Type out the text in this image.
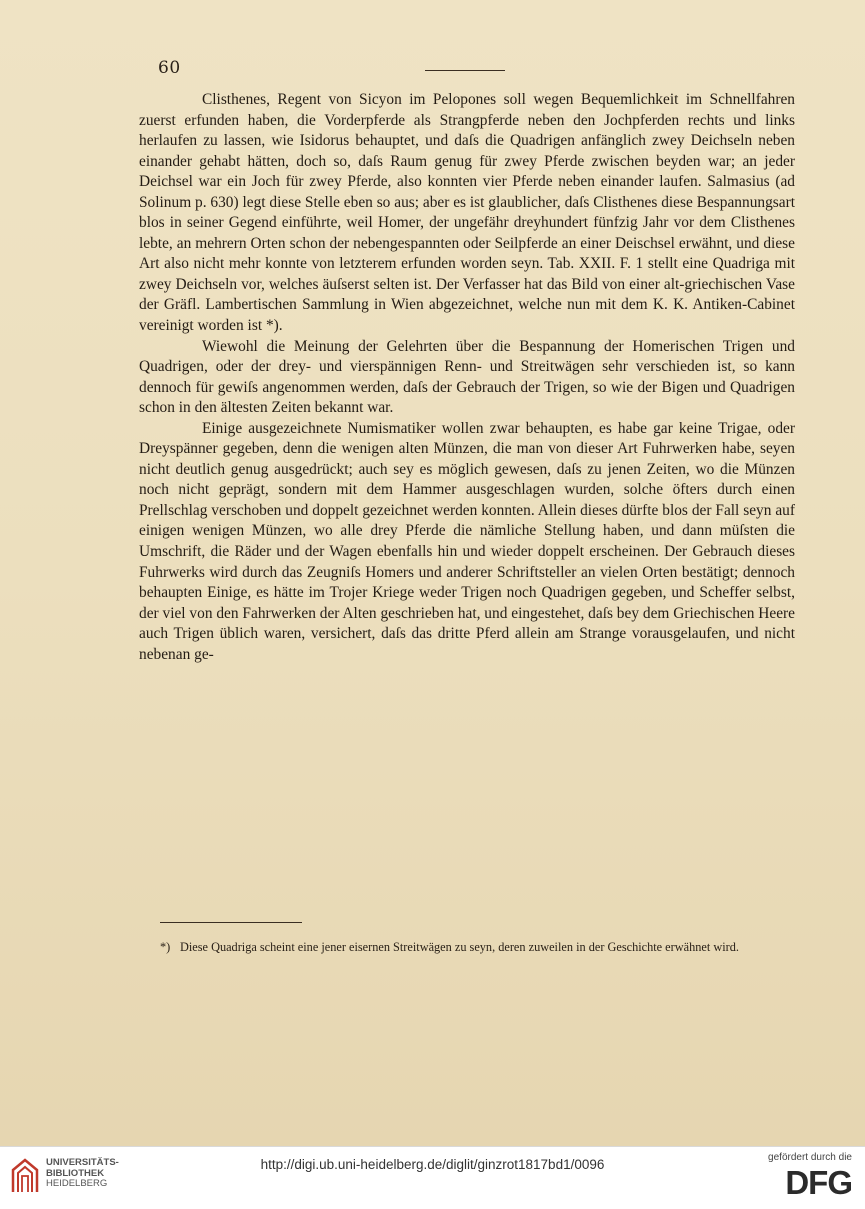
60

Clisthenes, Regent von Sicyon im Pelopones soll wegen Bequemlichkeit im Schnellfahren zuerst erfunden haben, die Vorderpferde als Strangpferde neben den Jochpferden rechts und links herlaufen zu lassen, wie Isidorus behauptet, und daſs die Quadrigen anfänglich zwey Deichseln neben einander gehabt hätten, doch so, daſs Raum genug für zwey Pferde zwischen beyden war; an jeder Deichsel war ein Joch für zwey Pferde, also konnten vier Pferde neben einander laufen. Salmasius (ad Solinum p. 630) legt diese Stelle eben so aus; aber es ist glaublicher, daſs Clisthenes diese Bespannungsart blos in seiner Gegend einführte, weil Homer, der ungefähr dreyhundert fünfzig Jahr vor dem Clisthenes lebte, an mehrern Orten schon der nebengespannten oder Seilpferde an einer Deischsel erwähnt, und diese Art also nicht mehr konnte von letzterem erfunden worden seyn. Tab. XXII. F. 1 stellt eine Quadriga mit zwey Deichseln vor, welches äuſserst selten ist. Der Verfasser hat das Bild von einer alt-griechischen Vase der Gräfl. Lambertischen Sammlung in Wien abgezeichnet, welche nun mit dem K. K. Antiken-Cabinet vereinigt worden ist *).

Wiewohl die Meinung der Gelehrten über die Bespannung der Homerischen Trigen und Quadrigen, oder der drey- und vierspännigen Renn- und Streitwägen sehr verschieden ist, so kann dennoch für gewiſs angenommen werden, daſs der Gebrauch der Trigen, so wie der Bigen und Quadrigen schon in den ältesten Zeiten bekannt war.

Einige ausgezeichnete Numismatiker wollen zwar behaupten, es habe gar keine Trigae, oder Dreyspänner gegeben, denn die wenigen alten Münzen, die man von dieser Art Fuhrwerken habe, seyen nicht deutlich genug ausgedrückt; auch sey es möglich gewesen, daſs zu jenen Zeiten, wo die Münzen noch nicht geprägt, sondern mit dem Hammer ausgeschlagen wurden, solche öfters durch einen Prellschlag verschoben und doppelt gezeichnet werden konnten. Allein dieses dürfte blos der Fall seyn auf einigen wenigen Münzen, wo alle drey Pferde die nämliche Stellung haben, und dann müſsten die Umschrift, die Räder und der Wagen ebenfalls hin und wieder doppelt erscheinen. Der Gebrauch dieses Fuhrwerks wird durch das Zeugniſs Homers und anderer Schriftsteller an vielen Orten bestätigt; dennoch behaupten Einige, es hätte im Trojer Kriege weder Trigen noch Quadrigen gegeben, und Scheffer selbst, der viel von den Fahrwerken der Alten geschrieben hat, und eingestehet, daſs bey dem Griechischen Heere auch Trigen üblich waren, versichert, daſs das dritte Pferd allein am Strange vorausgelaufen, und nicht nebenan ge-

*) Diese Quadriga scheint eine jener eisernen Streitwägen zu seyn, deren zuweilen in der Geschichte erwähnet wird.
UNIVERSITÄTS-
BIBLIOTHEK
HEIDELBERG
http://digi.ub.uni-heidelberg.de/diglit/ginzrot1817bd1/0096	gefördert durch die
DFG
